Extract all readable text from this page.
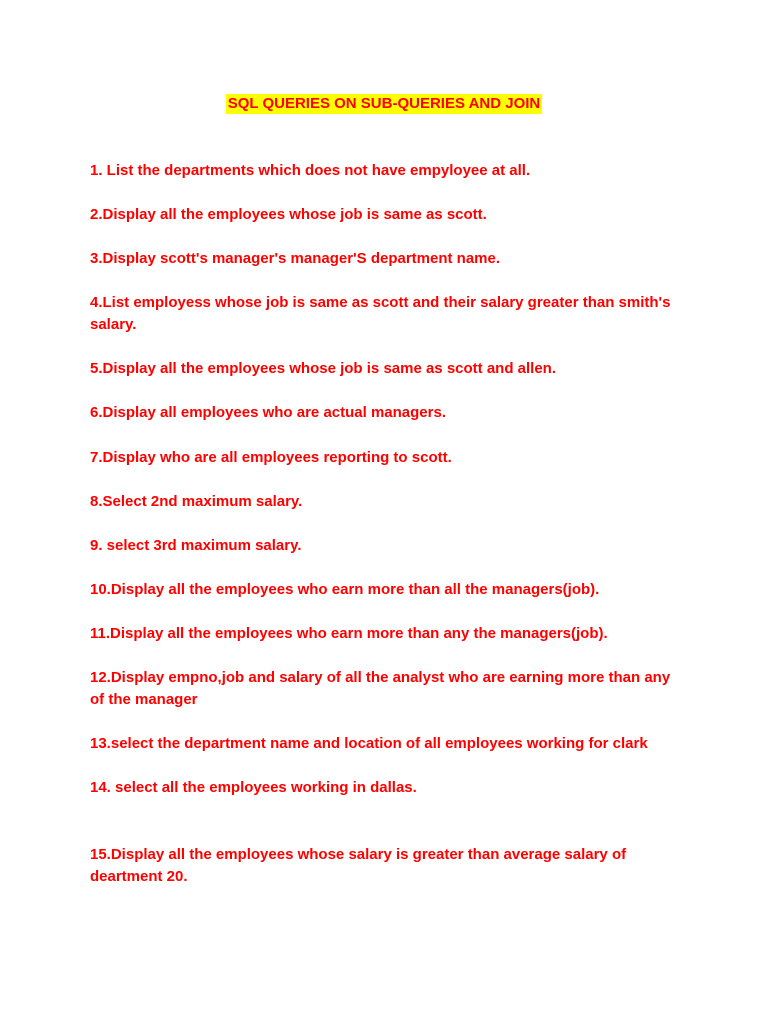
SQL QUERIES ON SUB-QUERIES AND JOIN
1. List the departments which does not have empyloyee at all.
2.Display all the employees whose job is same as scott.
3.Display scott's manager's manager'S department name.
4.List employess whose job is same as scott and their salary greater than smith's salary.
5.Display all the employees whose job is same as scott and allen.
6.Display all employees who are actual managers.
7.Display who are all employees reporting to scott.
8.Select 2nd maximum salary.
9. select 3rd maximum salary.
10.Display all the employees who earn more than all the managers(job).
11.Display all the employees who earn more than any the managers(job).
12.Display empno,job and salary of all the analyst who are earning more than any of the manager
13.select the department name and location of all employees working for clark
14. select all the employees working in dallas.
15.Display all the employees whose salary is greater than average salary of deartment 20.
